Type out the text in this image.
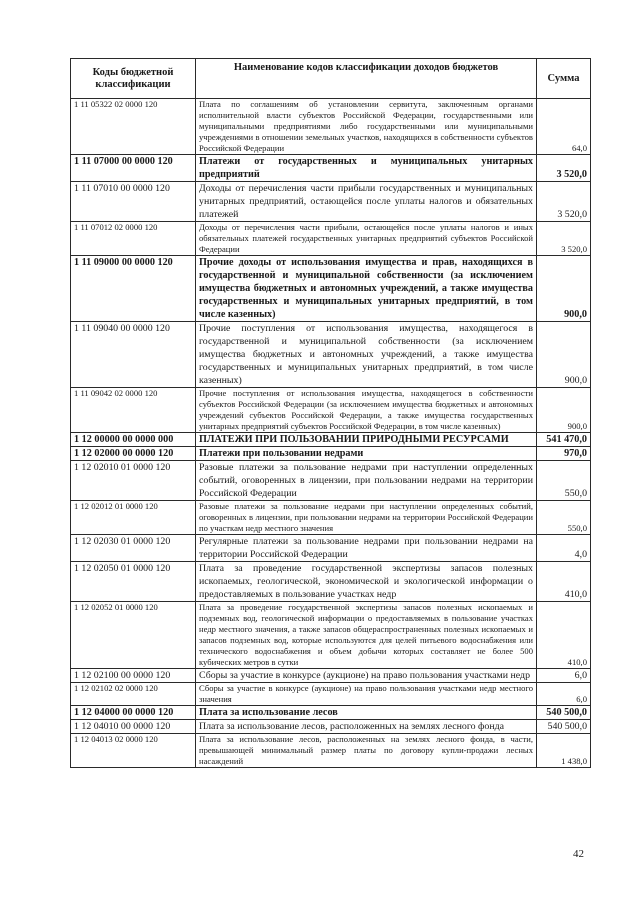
Коды бюджетной классификации	Наименование кодов классификации доходов бюджетов	Сумма
1 11 05322 02 0000 120	Плата по соглашениям об установлении сервитута, заключенным органами исполнительной власти субъектов Российской Федерации, государственными или муниципальными предприятиями либо государственными или муниципальными учреждениями в отношении земельных участков, находящихся в собственности субъектов Российской Федерации	64,0
1 11 07000 00 0000 120	Платежи от государственных и муниципальных унитарных предприятий	3 520,0
1 11 07010 00 0000 120	Доходы от перечисления части прибыли государственных и муниципальных унитарных предприятий, остающейся после уплаты налогов и обязательных платежей	3 520,0
1 11 07012 02 0000 120	Доходы от перечисления части прибыли, остающейся после уплаты налогов и иных обязательных платежей государственных унитарных предприятий субъектов Российской Федерации	3 520,0
1 11 09000 00 0000 120	Прочие доходы от использования имущества и прав, находящихся в государственной и муниципальной собственности (за исключением имущества бюджетных и автономных учреждений, а также имущества государственных и муниципальных унитарных предприятий, в том числе казенных)	900,0
1 11 09040 00 0000 120	Прочие поступления от использования имущества, находящегося в государственной и муниципальной собственности (за исключением имущества бюджетных и автономных учреждений, а также имущества государственных и муниципальных унитарных предприятий, в том числе казенных)	900,0
1 11 09042 02 0000 120	Прочие поступления от использования имущества, находящегося в собственности субъектов Российской Федерации (за исключением имущества бюджетных и автономных учреждений субъектов Российской Федерации, а также имущества государственных унитарных предприятий субъектов Российской Федерации, в том числе казенных)	900,0
1 12 00000 00 0000 000	ПЛАТЕЖИ ПРИ ПОЛЬЗОВАНИИ ПРИРОДНЫМИ РЕСУРСАМИ	541 470,0
1 12 02000 00 0000 120	Платежи при пользовании недрами	970,0
1 12 02010 01 0000 120	Разовые платежи за пользование недрами при наступлении определенных событий, оговоренных в лицензии, при пользовании недрами на территории Российской Федерации	550,0
1 12 02012 01 0000 120	Разовые платежи за пользование недрами при наступлении определенных событий, оговоренных в лицензии, при пользовании недрами на территории Российской Федерации по участкам недр местного значения	550,0
1 12 02030 01 0000 120	Регулярные платежи за пользование недрами при пользовании недрами на территории Российской Федерации	4,0
1 12 02050 01 0000 120	Плата за проведение государственной экспертизы запасов полезных ископаемых, геологической, экономической и экологической информации о предоставляемых в пользование участках недр	410,0
1 12 02052 01 0000 120	Плата за проведение государственной экспертизы запасов полезных ископаемых и подземных вод, геологической информации о предоставляемых в пользование участках недр местного значения, а также запасов общераспространенных полезных ископаемых и запасов подземных вод, которые используются для целей питьевого водоснабжения или технического водоснабжения и объем добычи которых составляет не более 500 кубических метров в сутки	410,0
1 12 02100 00 0000 120	Сборы за участие в конкурсе (аукционе) на право пользования участками недр	6,0
1 12 02102 02 0000 120	Сборы за участие в конкурсе (аукционе) на право пользования участками недр местного значения	6,0
1 12 04000 00 0000 120	Плата за использование лесов	540 500,0
1 12 04010 00 0000 120	Плата за использование лесов, расположенных на землях лесного фонда	540 500,0
1 12 04013 02 0000 120	Плата за использование лесов, расположенных на землях лесного фонда, в части, превышающей минимальный размер платы по договору купли-продажи лесных насаждений	1 438,0
42
